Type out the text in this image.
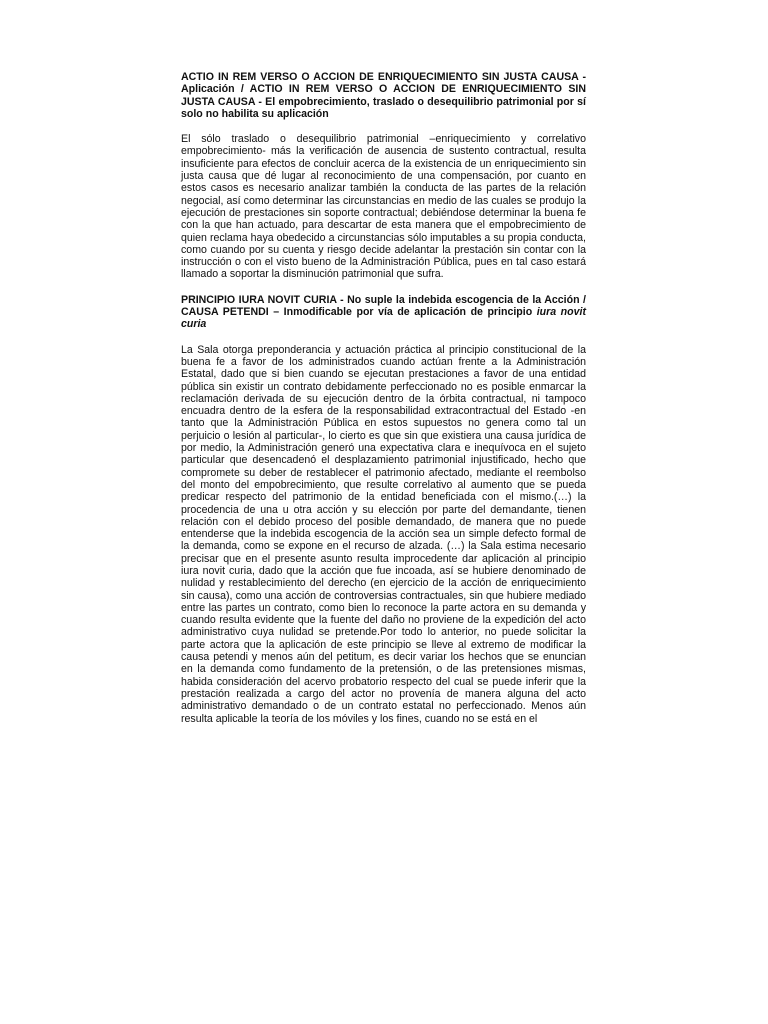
ACTIO IN REM VERSO O ACCION DE ENRIQUECIMIENTO SIN JUSTA CAUSA - Aplicación / ACTIO IN REM VERSO O ACCION DE ENRIQUECIMIENTO SIN JUSTA CAUSA - El empobrecimiento, traslado o desequilibrio patrimonial por sí solo no habilita su aplicación

El sólo traslado o desequilibrio patrimonial –enriquecimiento y correlativo empobrecimiento- más la verificación de ausencia de sustento contractual, resulta insuficiente para efectos de concluir acerca de la existencia de un enriquecimiento sin justa causa que dé lugar al reconocimiento de una compensación, por cuanto en estos casos es necesario analizar también la conducta de las partes de la relación negocial, así como determinar las circunstancias en medio de las cuales se produjo la ejecución de prestaciones sin soporte contractual; debiéndose determinar la buena fe con la que han actuado, para descartar de esta manera que el empobrecimiento de quien reclama haya obedecido a circunstancias sólo imputables a su propia conducta, como cuando por su cuenta y riesgo decide adelantar la prestación sin contar con la instrucción o con el visto bueno de la Administración Pública, pues en tal caso estará llamado a soportar la disminución patrimonial que sufra.

PRINCIPIO IURA NOVIT CURIA - No suple la indebida escogencia de la Acción / CAUSA PETENDI – Inmodificable por vía de aplicación de principio iura novit curia

La Sala otorga preponderancia y actuación práctica al principio constitucional de la buena fe a favor de los administrados cuando actúan frente a la Administración Estatal, dado que si bien cuando se ejecutan prestaciones a favor de una entidad pública sin existir un contrato debidamente perfeccionado no es posible enmarcar la reclamación derivada de su ejecución dentro de la órbita contractual, ni tampoco encuadra dentro de la esfera de la responsabilidad extracontractual del Estado -en tanto que la Administración Pública en estos supuestos no genera como tal un perjuicio o lesión al particular-, lo cierto es que sin que existiera una causa jurídica de por medio, la Administración generó una expectativa clara e inequívoca en el sujeto particular que desencadenó el desplazamiento patrimonial injustificado, hecho que compromete su deber de restablecer el patrimonio afectado, mediante el reembolso del monto del empobrecimiento, que resulte correlativo al aumento que se pueda predicar respecto del patrimonio de la entidad beneficiada con el mismo.(…) la procedencia de una u otra acción y su elección por parte del demandante, tienen relación con el debido proceso del posible demandado, de manera que no puede entenderse que la indebida escogencia de la acción sea un simple defecto formal de la demanda, como se expone en el recurso de alzada. (…) la Sala estima necesario precisar que en el presente asunto resulta improcedente dar aplicación al principio iura novit curia, dado que la acción que fue incoada, así se hubiere denominado de nulidad y restablecimiento del derecho (en ejercicio de la acción de enriquecimiento sin causa), como una acción de controversias contractuales, sin que hubiere mediado entre las partes un contrato, como bien lo reconoce la parte actora en su demanda y cuando resulta evidente que la fuente del daño no proviene de la expedición del acto administrativo cuya nulidad se pretende.Por todo lo anterior, no puede solicitar la parte actora que la aplicación de este principio se lleve al extremo de modificar la causa petendi y menos aún del petitum, es decir variar los hechos que se enuncian en la demanda como fundamento de la pretensión, o de las pretensiones mismas, habida consideración del acervo probatorio respecto del cual se puede inferir que la prestación realizada a cargo del actor no provenía de manera alguna del acto administrativo demandado o de un contrato estatal no perfeccionado. Menos aún resulta aplicable la teoría de los móviles y los fines, cuando no se está en el
